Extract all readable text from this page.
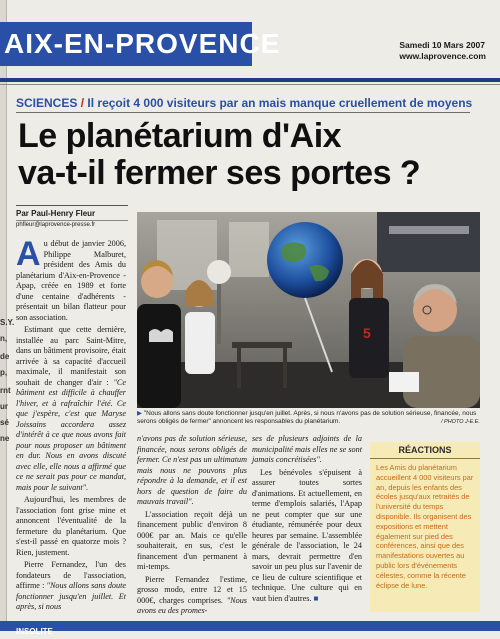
S.Y.
n,
de
p,
rnt
ur
sé
ne
AIX-EN-PROVENCE	Samedi 10 Mars 2007
www.laprovence.com
SCIENCES / Il reçoit 4 000 visiteurs par an mais manque cruellement de moyens
Le planétarium d'Aix
va-t-il fermer ses portes ?
Par Paul-Henry Fleur
phfleur@laprovence-presse.fr
5
▶ "Nous allons sans doute fonctionner jusqu'en juillet. Après, si nous n'avons pas de solution sérieuse, financée, nous serons obligés de fermer" annoncent les responsables du planétarium.	/ PHOTO J-E.E.

Au début de janvier 2006, Philippe Malburet, président des Amis du planétarium d'Aix-en-Provence - Apap, créée en 1989 et forte d'une centaine d'adhérents - présentait un bilan flatteur pour son association.

Estimant que cette dernière, installée au parc Saint-Mitre, dans un bâtiment provisoire, était arrivée à sa capacité d'accueil maximale, il manifestait son souhait de changer d'air : "Ce bâtiment est difficile à chauffer l'hiver, et à rafraîchir l'été. Ce que j'espère, c'est que Maryse Joissains accordera assez d'intérêt à ce que nous avons fait pour nous proposer un bâtiment en dur. Nous en avons discuté avec elle, elle nous a affirmé que ce ne serait pas pour ce mandat, mais pour le suivant".

Aujourd'hui, les membres de l'association font grise mine et annoncent l'éventualité de la fermeture du planétarium. Que s'est-il passé en quatorze mois ? Rien, justement.

Pierre Fernandez, l'un des fondateurs de l'association, affirme : "Nous allons sans doute fonctionner jusqu'en juillet. Et après, si nous

n'avons pas de solution sérieuse, financée, nous serons obligés de fermer. Ce n'est pas un ultimatum mais nous ne pouvons plus répondre à la demande, et il est hors de question de faire du mauvais travail".

L'association reçoit déjà un financement public d'environ 8 000€ par an. Mais ce qu'elle souhaiterait, en sus, c'est le financement d'un permanent à mi-temps.

Pierre Fernandez l'estime, grosso modo, entre 12 et 15 000€, charges comprises. "Nous avons eu des promes-

ses de plusieurs adjoints de la municipalité mais elles ne se sont jamais concrétisées".

Les bénévoles s'épuisent à assurer toutes sortes d'animations. Et actuellement, en terme d'emplois salariés, l'Apap ne peut compter que sur une étudiante, rémunérée pour deux heures par semaine. L'assemblée générale de l'association, le 24 mars, devrait permettre d'en savoir un peu plus sur l'avenir de ce lieu de culture scientifique et technique. Une culture qui en vaut bien d'autres. ■

RÉACTIONS
Les Amis du planétarium accueillent 4 000 visiteurs par an, depuis les enfants des écoles jusqu'aux retraités de l'université du temps disponible. Ils organisent des expositions et mettent également sur pied des conférences, ainsi que des manifestations ouvertes au public lors d'événements célestes, comme la récente éclipse de lune.
INSOLITE
